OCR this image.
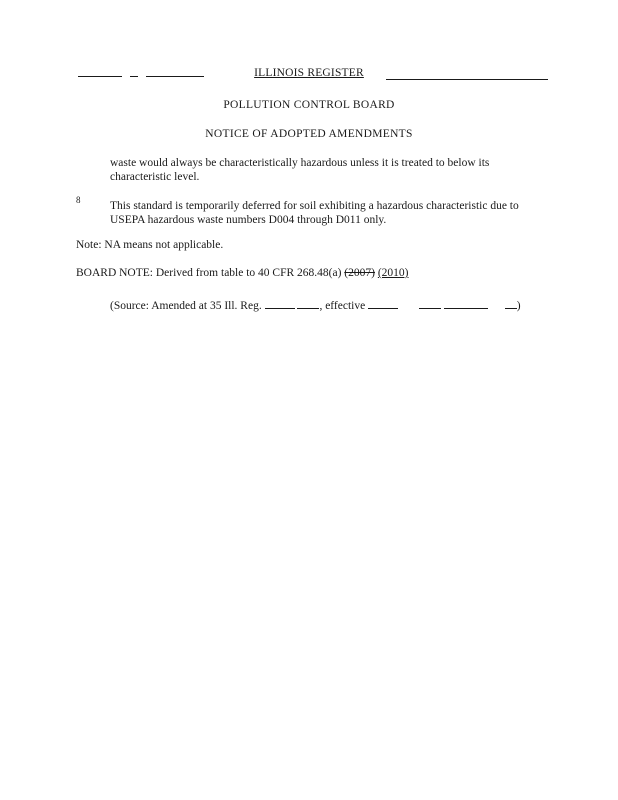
ILLINOIS REGISTER
POLLUTION CONTROL BOARD
NOTICE OF ADOPTED AMENDMENTS
waste would always be characteristically hazardous unless it is treated to below its characteristic level.
8	This standard is temporarily deferred for soil exhibiting a hazardous characteristic due to USEPA hazardous waste numbers D004 through D011 only.
Note: NA means not applicable.
BOARD NOTE: Derived from table to 40 CFR 268.48(a) (2007) (2010)
(Source: Amended at 35 Ill. Reg.	, effective	)
